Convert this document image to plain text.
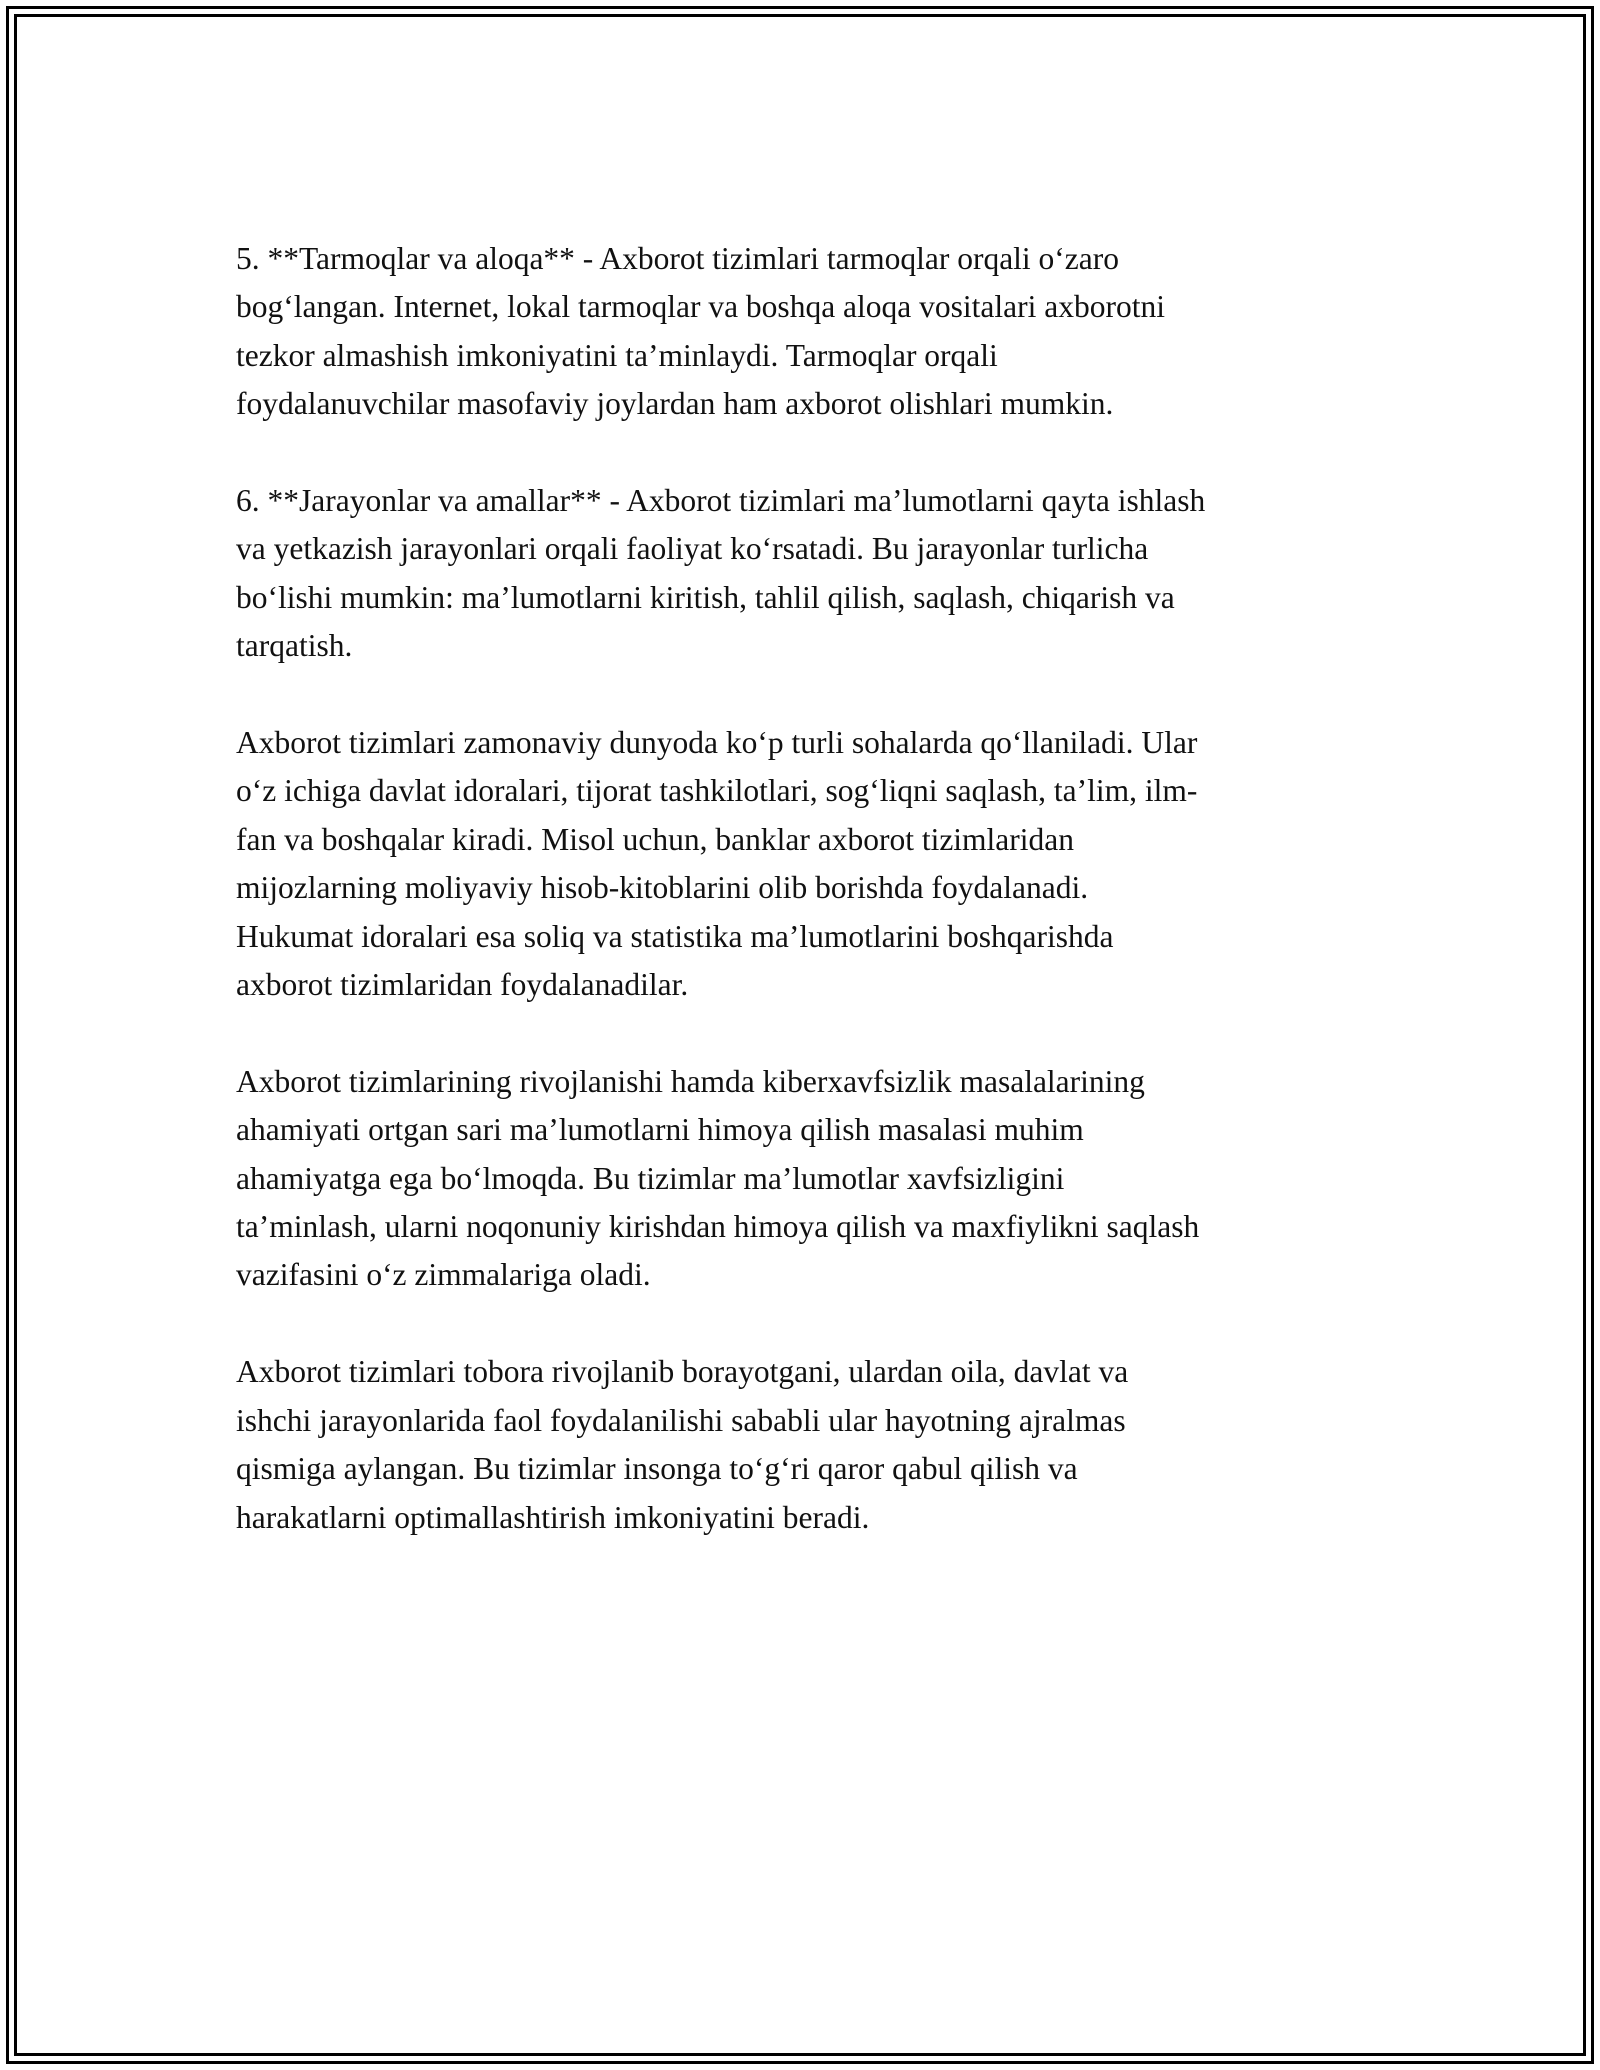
5. **Tarmoqlar va aloqa** - Axborot tizimlari tarmoqlar orqali o‘zaro
bog‘langan. Internet, lokal tarmoqlar va boshqa aloqa vositalari axborotni
tezkor almashish imkoniyatini ta’minlaydi. Tarmoqlar orqali
foydalanuvchilar masofaviy joylardan ham axborot olishlari mumkin.

6. **Jarayonlar va amallar** - Axborot tizimlari ma’lumotlarni qayta ishlash
va yetkazish jarayonlari orqali faoliyat ko‘rsatadi. Bu jarayonlar turlicha
bo‘lishi mumkin: ma’lumotlarni kiritish, tahlil qilish, saqlash, chiqarish va
tarqatish.

Axborot tizimlari zamonaviy dunyoda ko‘p turli sohalarda qo‘llaniladi. Ular
o‘z ichiga davlat idoralari, tijorat tashkilotlari, sog‘liqni saqlash, ta’lim, ilm-
fan va boshqalar kiradi. Misol uchun, banklar axborot tizimlaridan
mijozlarning moliyaviy hisob-kitoblarini olib borishda foydalanadi.
Hukumat idoralari esa soliq va statistika ma’lumotlarini boshqarishda
axborot tizimlaridan foydalanadilar.

Axborot tizimlarining rivojlanishi hamda kiberxavfsizlik masalalarining
ahamiyati ortgan sari ma’lumotlarni himoya qilish masalasi muhim
ahamiyatga ega bo‘lmoqda. Bu tizimlar ma’lumotlar xavfsizligini
ta’minlash, ularni noqonuniy kirishdan himoya qilish va maxfiylikni saqlash
vazifasini o‘z zimmalariga oladi.

Axborot tizimlari tobora rivojlanib borayotgani, ulardan oila, davlat va
ishchi jarayonlarida faol foydalanilishi sababli ular hayotning ajralmas
qismiga aylangan. Bu tizimlar insonga to‘g‘ri qaror qabul qilish va
harakatlarni optimallashtirish imkoniyatini beradi.
